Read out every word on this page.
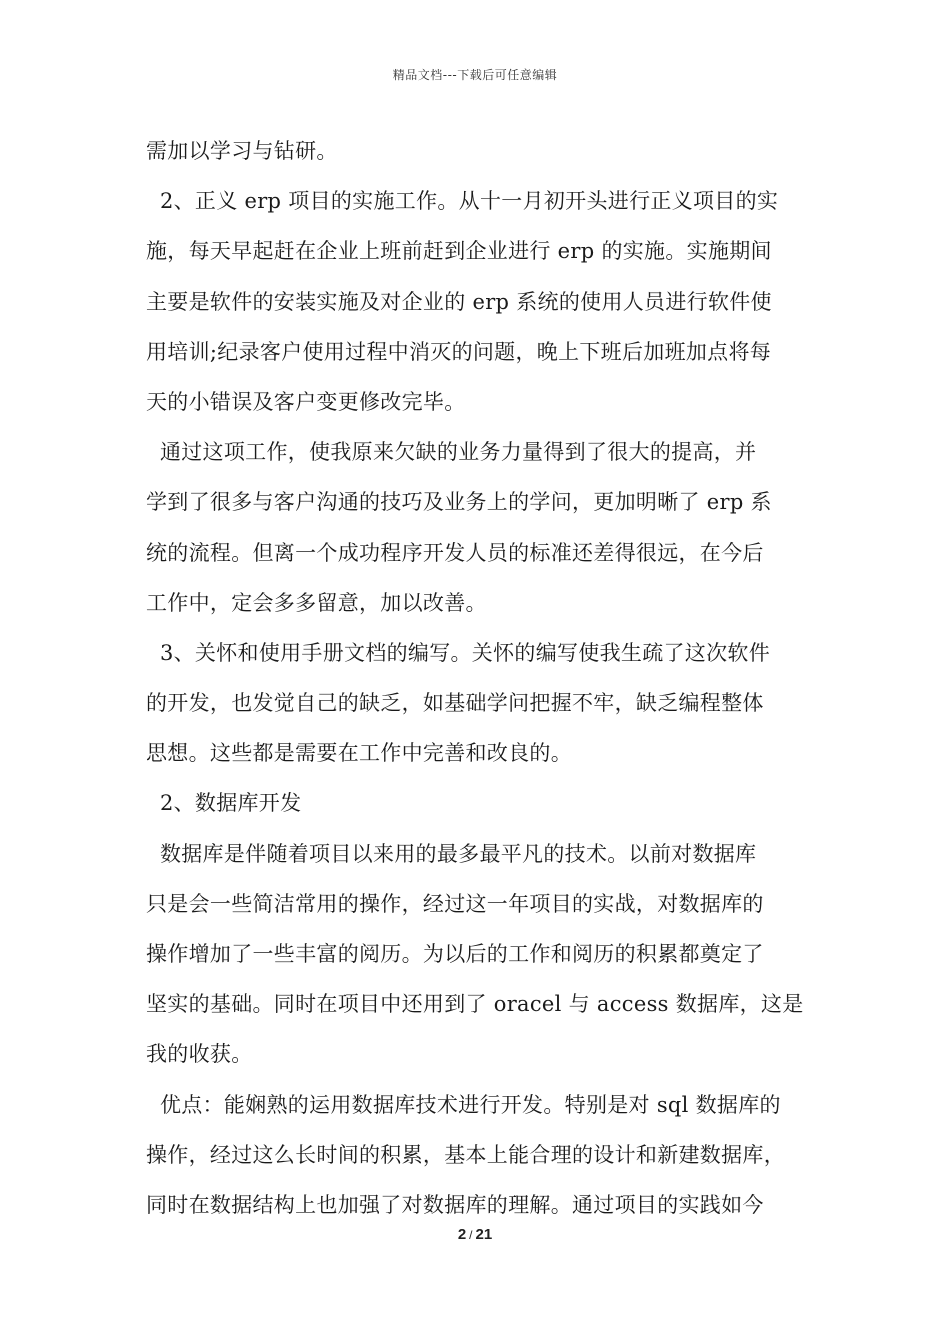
精品文档---下载后可任意编辑
需加以学习与钻研。
2、正义 erp 项目的实施工作。从十一月初开头进行正义项目的实
施，每天早起赶在企业上班前赶到企业进行 erp 的实施。实施期间
主要是软件的安装实施及对企业的 erp 系统的使用人员进行软件使
用培训;纪录客户使用过程中消灭的问题，晚上下班后加班加点将每
天的小错误及客户变更修改完毕。
通过这项工作，使我原来欠缺的业务力量得到了很大的提高，并
学到了很多与客户沟通的技巧及业务上的学问，更加明晰了 erp 系
统的流程。但离一个成功程序开发人员的标准还差得很远，在今后
工作中，定会多多留意，加以改善。
3、关怀和使用手册文档的编写。关怀的编写使我生疏了这次软件
的开发，也发觉自己的缺乏，如基础学问把握不牢，缺乏编程整体
思想。这些都是需要在工作中完善和改良的。
2、数据库开发
数据库是伴随着项目以来用的最多最平凡的技术。以前对数据库
只是会一些简洁常用的操作，经过这一年项目的实战，对数据库的
操作增加了一些丰富的阅历。为以后的工作和阅历的积累都奠定了
坚实的基础。同时在项目中还用到了 oracel 与 access 数据库，这是
我的收获。
优点：能娴熟的运用数据库技术进行开发。特别是对 sql 数据库的
操作，经过这么长时间的积累，基本上能合理的设计和新建数据库，
同时在数据结构上也加强了对数据库的理解。通过项目的实践如今
2 / 21
